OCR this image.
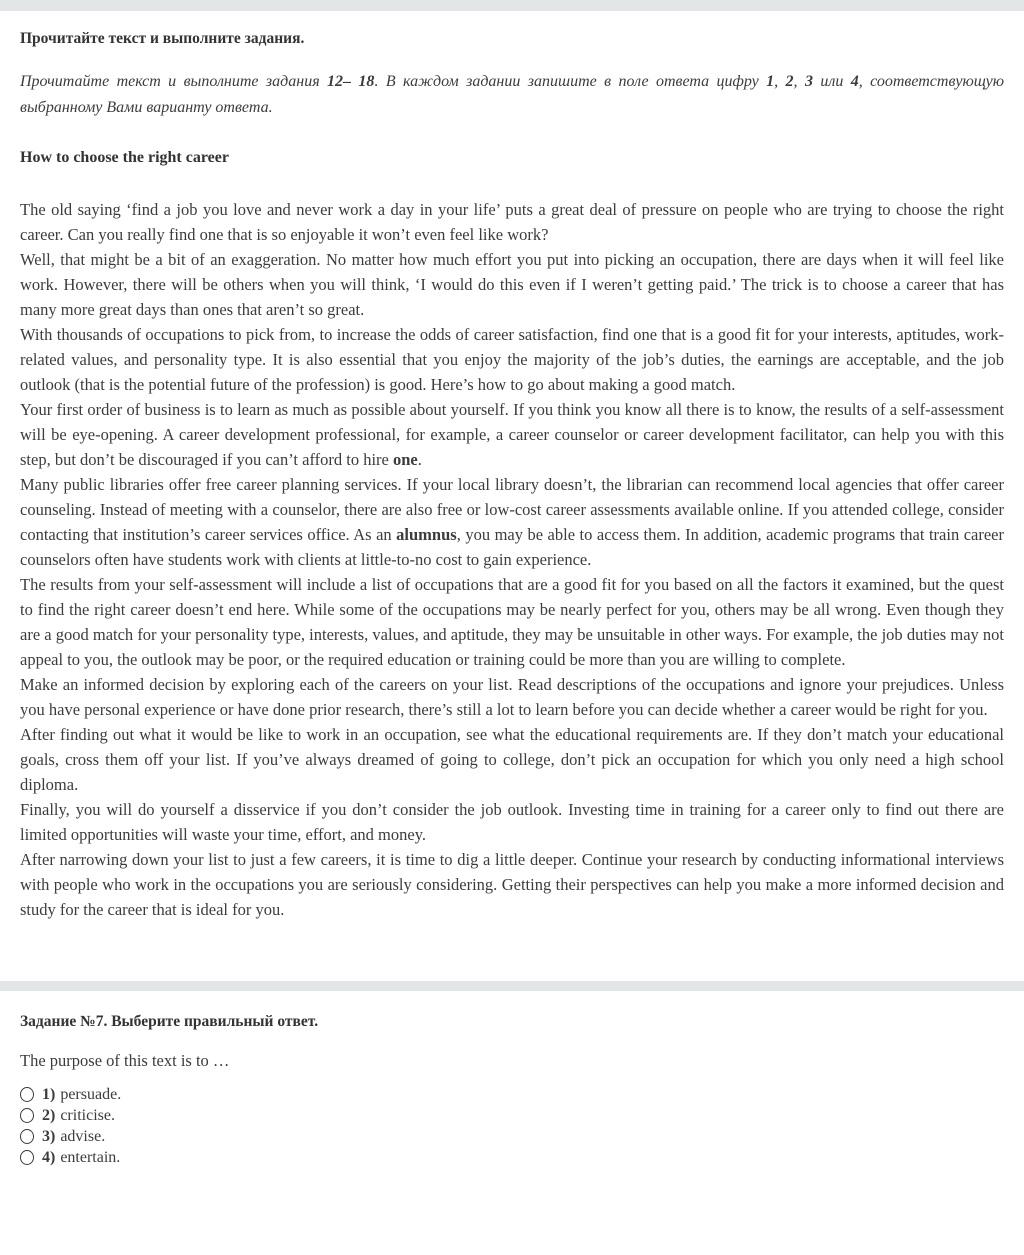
Прочитайте текст и выполните задания.

Прочитайте текст и выполните задания 12– 18. В каждом задании запишите в поле ответа цифру 1, 2, 3 или 4, соответствующую выбранному Вами варианту ответа.

How to choose the right career

The old saying ‘find a job you love and never work a day in your life’ puts a great deal of pressure on people who are trying to choose the right career. Can you really find one that is so enjoyable it won’t even feel like work?

Well, that might be a bit of an exaggeration. No matter how much effort you put into picking an occupation, there are days when it will feel like work. However, there will be others when you will think, ‘I would do this even if I weren’t getting paid.’ The trick is to choose a career that has many more great days than ones that aren’t so great.

With thousands of occupations to pick from, to increase the odds of career satisfaction, find one that is a good fit for your interests, aptitudes, work-related values, and personality type. It is also essential that you enjoy the majority of the job’s duties, the earnings are acceptable, and the job outlook (that is the potential future of the profession) is good. Here’s how to go about making a good match.

Your first order of business is to learn as much as possible about yourself. If you think you know all there is to know, the results of a self-assessment will be eye-opening. A career development professional, for example, a career counselor or career development facilitator, can help you with this step, but don’t be discouraged if you can’t afford to hire one.

Many public libraries offer free career planning services. If your local library doesn’t, the librarian can recommend local agencies that offer career counseling. Instead of meeting with a counselor, there are also free or low-cost career assessments available online. If you attended college, consider contacting that institution’s career services office. As an alumnus, you may be able to access them. In addition, academic programs that train career counselors often have students work with clients at little-to-no cost to gain experience.

The results from your self-assessment will include a list of occupations that are a good fit for you based on all the factors it examined, but the quest to find the right career doesn’t end here. While some of the occupations may be nearly perfect for you, others may be all wrong. Even though they are a good match for your personality type, interests, values, and aptitude, they may be unsuitable in other ways. For example, the job duties may not appeal to you, the outlook may be poor, or the required education or training could be more than you are willing to complete.

Make an informed decision by exploring each of the careers on your list. Read descriptions of the occupations and ignore your prejudices. Unless you have personal experience or have done prior research, there’s still a lot to learn before you can decide whether a career would be right for you.

After finding out what it would be like to work in an occupation, see what the educational requirements are. If they don’t match your educational goals, cross them off your list. If you’ve always dreamed of going to college, don’t pick an occupation for which you only need a high school diploma.

Finally, you will do yourself a disservice if you don’t consider the job outlook. Investing time in training for a career only to find out there are limited opportunities will waste your time, effort, and money.

After narrowing down your list to just a few careers, it is time to dig a little deeper. Continue your research by conducting informational interviews with people who work in the occupations you are seriously considering. Getting their perspectives can help you make a more informed decision and study for the career that is ideal for you.

Задание №7. Выберите правильный ответ.

The purpose of this text is to …

1) persuade.
2) criticise.
3) advise.
4) entertain.
